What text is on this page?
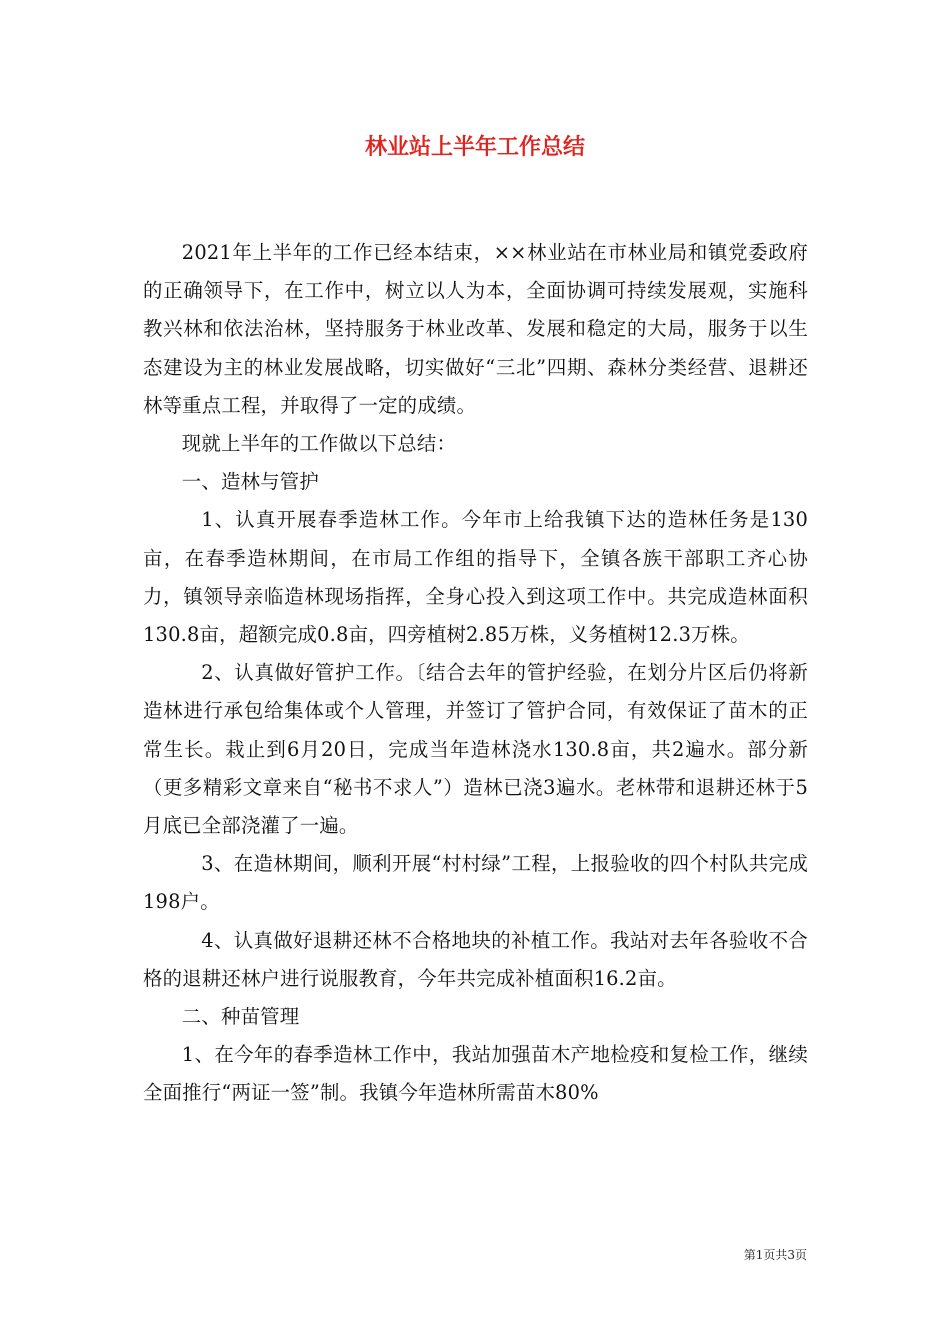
林业站上半年工作总结

2021年上半年的工作已经本结束，××林业站在市林业局和镇党委政府的正确领导下，在工作中，树立以人为本，全面协调可持续发展观，实施科教兴林和依法治林，坚持服务于林业改革、发展和稳定的大局，服务于以生态建设为主的林业发展战略，切实做好“三北”四期、森林分类经营、退耕还林等重点工程，并取得了一定的成绩。

现就上半年的工作做以下总结：

一、造林与管护

1、认真开展春季造林工作。今年市上给我镇下达的造林任务是130亩，在春季造林期间，在市局工作组的指导下，全镇各族干部职工齐心协力，镇领导亲临造林现场指挥，全身心投入到这项工作中。共完成造林面积130.8亩，超额完成0.8亩，四旁植树2.85万株，义务植树12.3万株。

2、认真做好管护工作。〔结合去年的管护经验，在划分片区后仍将新造林进行承包给集体或个人管理，并签订了管护合同，有效保证了苗木的正常生长。栽止到6月20日，完成当年造林浇水130.8亩，共2遍水。部分新（更多精彩文章来自“秘书不求人”）造林已浇3遍水。老林带和退耕还林于5月底已全部浇灌了一遍。

3、在造林期间，顺利开展“村村绿”工程，上报验收的四个村队共完成198户。

4、认真做好退耕还林不合格地块的补植工作。我站对去年各验收不合格的退耕还林户进行说服教育，今年共完成补植面积16.2亩。

二、种苗管理

1、在今年的春季造林工作中，我站加强苗木产地检疫和复检工作，继续全面推行“两证一签”制。我镇今年造林所需苗木80%

第1页共3页
